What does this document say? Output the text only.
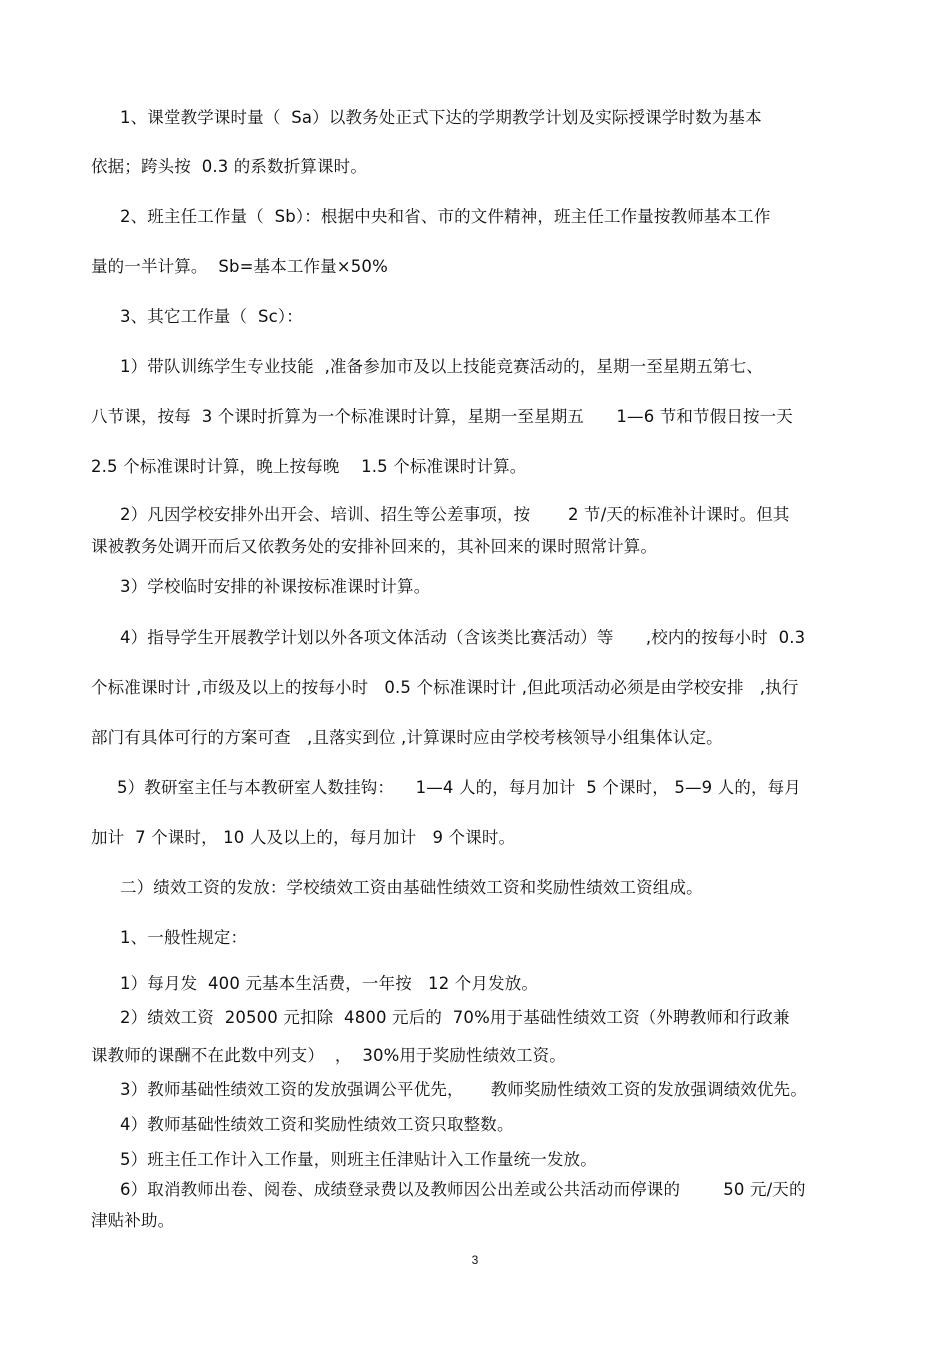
1、课堂教学课时量（  Sa）以教务处正式下达的学期教学计划及实际授课学时数为基本
依据；跨头按  0.3 的系数折算课时。
2、班主任工作量（  Sb）：根据中央和省、市的文件精神，班主任工作量按教师基本工作
量的一半计算。  Sb=基本工作量×50%
3、其它工作量（  Sc）：
1）带队训练学生专业技能  ,准备参加市及以上技能竞赛活动的，星期一至星期五第七、
八节课，按每  3 个课时折算为一个标准课时计算，星期一至星期五      1—6 节和节假日按一天
2.5 个标准课时计算，晚上按每晚    1.5 个标准课时计算。
2）凡因学校安排外出开会、培训、招生等公差事项，按       2 节/天的标准补计课时。但其
课被教务处调开而后又依教务处的安排补回来的，其补回来的课时照常计算。
3）学校临时安排的补课按标准课时计算。
4）指导学生开展教学计划以外各项文体活动（含该类比赛活动）等      ,校内的按每小时  0.3
个标准课时计 ,市级及以上的按每小时   0.5 个标准课时计 ,但此项活动必须是由学校安排   ,执行
部门有具体可行的方案可查   ,且落实到位 ,计算课时应由学校考核领导小组集体认定。
5）教研室主任与本教研室人数挂钩：    1—4 人的，每月加计  5 个课时， 5—9 人的，每月
加计  7 个课时， 10 人及以上的，每月加计   9 个课时。
二）绩效工资的发放：学校绩效工资由基础性绩效工资和奖励性绩效工资组成。
1、一般性规定：
1）每月发  400 元基本生活费，一年按   12 个月发放。
2）绩效工资  20500 元扣除  4800 元后的  70%用于基础性绩效工资（外聘教师和行政兼
课教师的课酬不在此数中列支）  ，  30%用于奖励性绩效工资。
3）教师基础性绩效工资的发放强调公平优先，     教师奖励性绩效工资的发放强调绩效优先。
4）教师基础性绩效工资和奖励性绩效工资只取整数。
5）班主任工作计入工作量，则班主任津贴计入工作量统一发放。
6）取消教师出卷、阅卷、成绩登录费以及教师因公出差或公共活动而停课的        50 元/天的
津贴补助。
3
